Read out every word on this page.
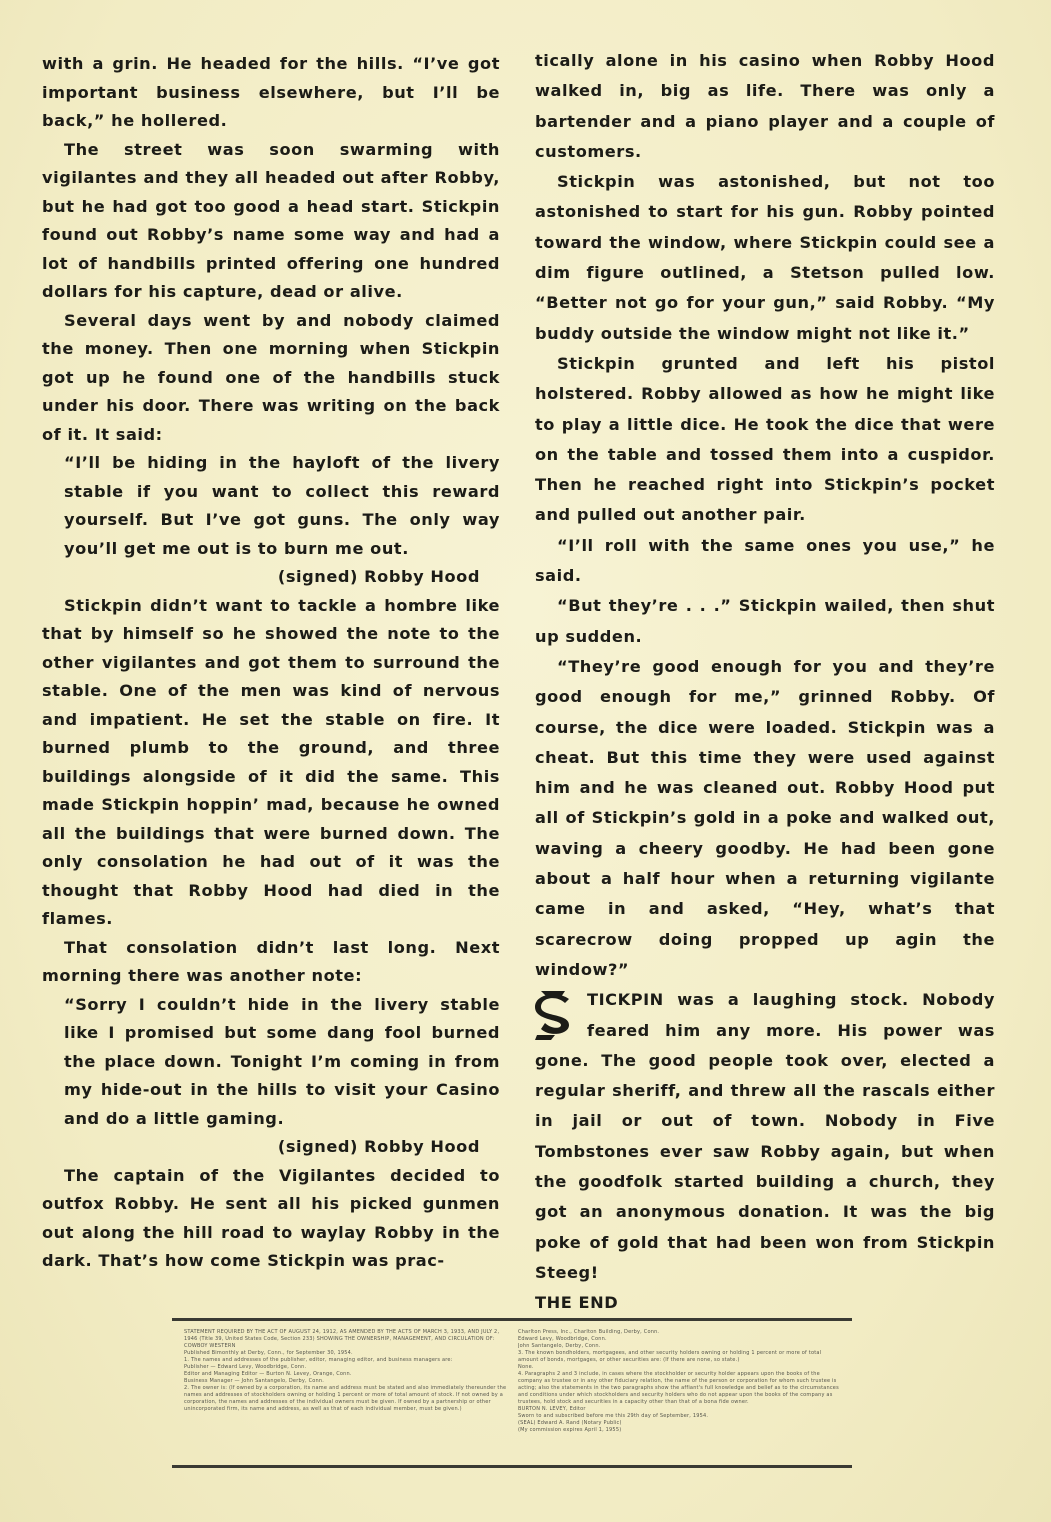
with a grin. He headed for the hills. “I’ve got important business elsewhere, but I’ll be back,” he hollered.

The street was soon swarming with vigilantes and they all headed out after Robby, but he had got too good a head start. Stickpin found out Robby’s name some way and had a lot of handbills printed offering one hundred dollars for his capture, dead or alive.

Several days went by and nobody claimed the money. Then one morning when Stickpin got up he found one of the handbills stuck under his door. There was writing on the back of it. It said:

“I’ll be hiding in the hayloft of the livery stable if you want to collect this reward yourself. But I’ve got guns. The only way you’ll get me out is to burn me out.

(signed) Robby Hood

Stickpin didn’t want to tackle a hombre like that by himself so he showed the note to the other vigilantes and got them to surround the stable. One of the men was kind of nervous and impatient. He set the stable on fire. It burned plumb to the ground, and three buildings alongside of it did the same. This made Stickpin hoppin’ mad, because he owned all the buildings that were burned down. The only consolation he had out of it was the thought that Robby Hood had died in the flames.

That consolation didn’t last long. Next morning there was another note:

“Sorry I couldn’t hide in the livery stable like I promised but some dang fool burned the place down. Tonight I’m coming in from my hide-out in the hills to visit your Casino and do a little gaming.

(signed) Robby Hood

The captain of the Vigilantes decided to outfox Robby. He sent all his picked gunmen out along the hill road to waylay Robby in the dark. That’s how come Stickpin was prac-

tically alone in his casino when Robby Hood walked in, big as life. There was only a bartender and a piano player and a couple of customers.

Stickpin was astonished, but not too astonished to start for his gun. Robby pointed toward the window, where Stickpin could see a dim figure outlined, a Stetson pulled low. “Better not go for your gun,” said Robby. “My buddy outside the window might not like it.”

Stickpin grunted and left his pistol holstered. Robby allowed as how he might like to play a little dice. He took the dice that were on the table and tossed them into a cuspidor. Then he reached right into Stickpin’s pocket and pulled out another pair.

“I’ll roll with the same ones you use,” he said.

“But they’re . . .” Stickpin wailed, then shut up sudden.

“They’re good enough for you and they’re good enough for me,” grinned Robby. Of course, the dice were loaded. Stickpin was a cheat. But this time they were used against him and he was cleaned out. Robby Hood put all of Stickpin’s gold in a poke and walked out, waving a cheery goodby. He had been gone about a half hour when a returning vigilante came in and asked, “Hey, what’s that scarecrow doing propped up agin the window?”

TICKPIN was a laughing stock. Nobody feared him any more. His power was gone. The good people took over, elected a regular sheriff, and threw all the rascals either in jail or out of town. Nobody in Five Tombstones ever saw Robby again, but when the goodfolk started building a church, they got an anonymous donation. It was the big poke of gold that had been won from Stickpin Steeg!

THE END

STATEMENT REQUIRED BY THE ACT OF AUGUST 24, 1912, AS AMENDED BY THE ACTS OF MARCH 3, 1933, AND JULY 2, 1946 (Title 39, United States Code, Section 233) SHOWING THE OWNERSHIP, MANAGEMENT, AND CIRCULATION OF:
COWBOY WESTERN
Published Bimonthly at Derby, Conn., for September 30, 1954.
1. The names and addresses of the publisher, editor, managing editor, and business managers are:
Publisher — Edward Levy, Woodbridge, Conn.
Editor and Managing Editor — Burton N. Levey, Orange, Conn.
Business Manager — John Santangelo, Derby, Conn.
2. The owner is: (If owned by a corporation, its name and address must be stated and also immediately thereunder the names and addresses of stockholders owning or holding 1 percent or more of total amount of stock. If not owned by a corporation, the names and addresses of the individual owners must be given. If owned by a partnership or other unincorporated firm, its name and address, as well as that of each individual member, must be given.)
Charlton Press, Inc., Charlton Building, Derby, Conn.
Edward Levy, Woodbridge, Conn.
John Santangelo, Derby, Conn.
3. The known bondholders, mortgagees, and other security holders owning or holding 1 percent or more of total amount of bonds, mortgages, or other securities are: (If there are none, so state.)
None.
4. Paragraphs 2 and 3 include, in cases where the stockholder or security holder appears upon the books of the company as trustee or in any other fiduciary relation, the name of the person or corporation for whom such trustee is acting; also the statements in the two paragraphs show the affiant's full knowledge and belief as to the circumstances and conditions under which stockholders and security holders who do not appear upon the books of the company as trustees, hold stock and securities in a capacity other than that of a bona fide owner.
BURTON N. LEVEY, Editor
Sworn to and subscribed before me this 29th day of September, 1954.
(SEAL) Edward A. Rand (Notary Public)
(My commission expires April 1, 1955)
